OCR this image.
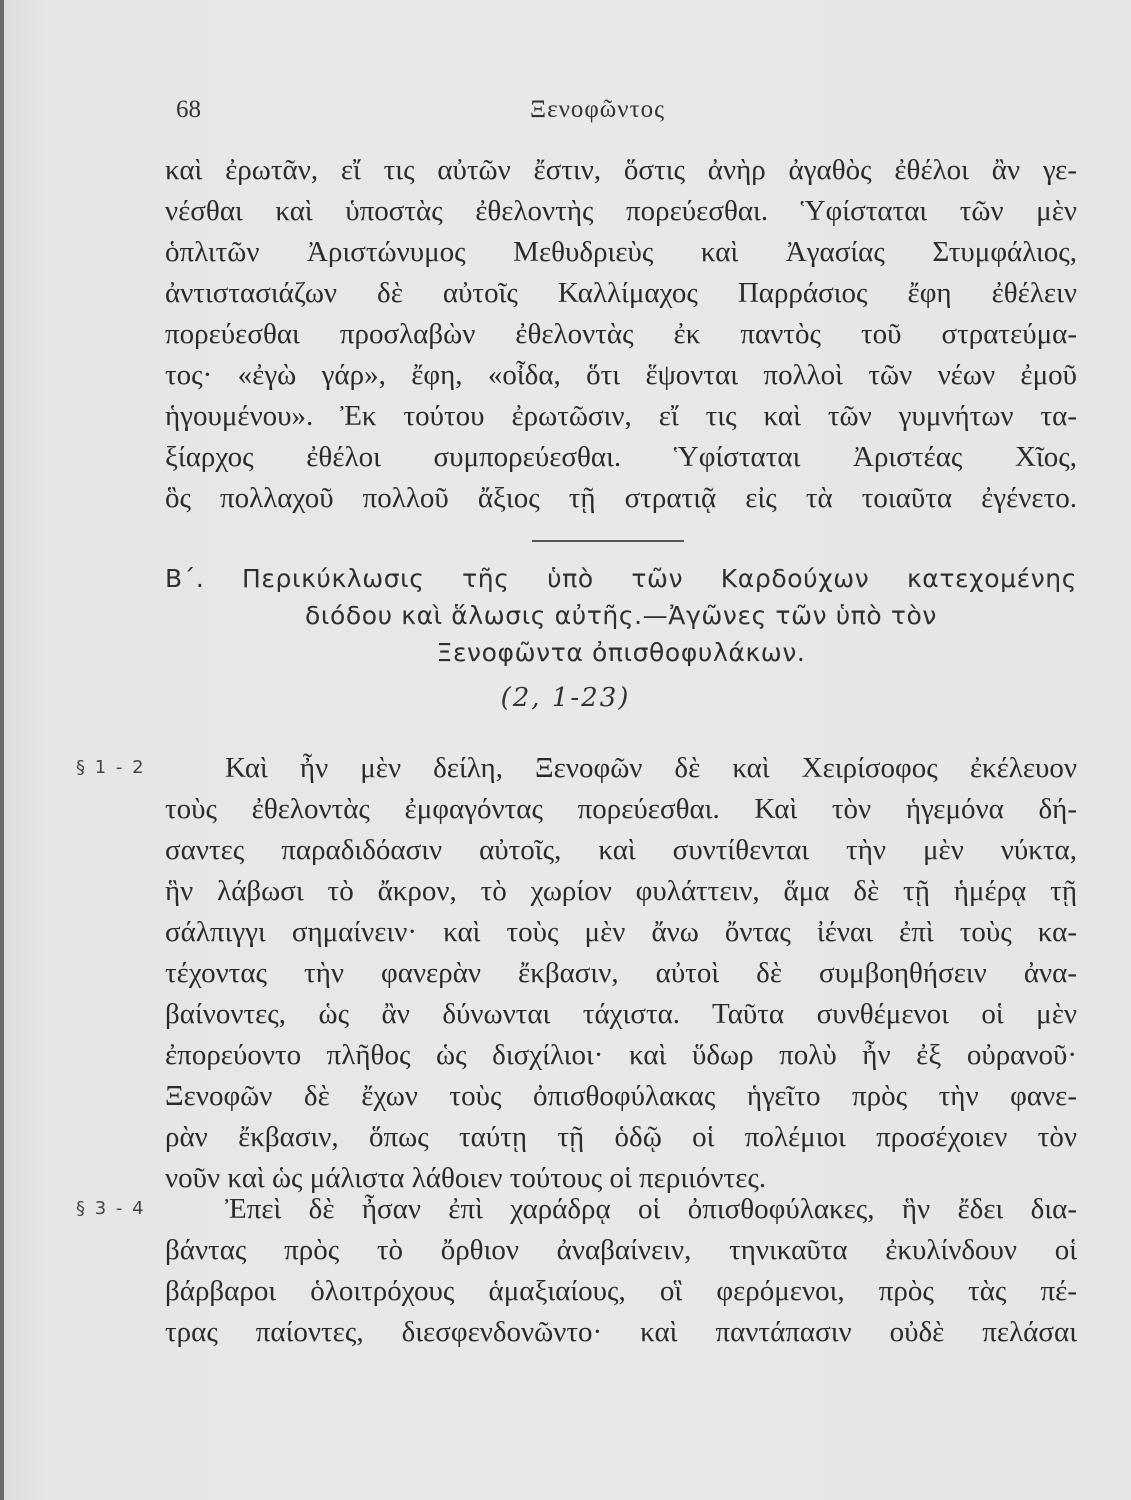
68	Ξενοφῶντος
καὶ ἐρωτᾶν, εἴ τις αὐτῶν ἔστιν, ὅστις ἀνὴρ ἀγαθὸς ἐθέλοι ἂν γε-
νέσθαι καὶ ὑποστὰς ἐθελοντὴς πορεύεσθαι. Ὑφίσταται τῶν μὲν
ὁπλιτῶν Ἀριστώνυμος Μεθυδριεὺς καὶ Ἀγασίας Στυμφάλιος,
ἀντιστασιάζων δὲ αὐτοῖς Καλλίμαχος Παρράσιος ἔφη ἐθέλειν
πορεύεσθαι προσλαβὼν ἐθελοντὰς ἐκ παντὸς τοῦ στρατεύμα-
τος· «ἐγὼ γάρ», ἔφη, «οἶδα, ὅτι ἕψονται πολλοὶ τῶν νέων ἐμοῦ
ἡγουμένου». Ἐκ τούτου ἐρωτῶσιν, εἴ τις καὶ τῶν γυμνήτων τα-
ξίαρχος ἐθέλοι συμπορεύεσθαι. Ὑφίσταται Ἀριστέας Χῖος,
ὃς πολλαχοῦ πολλοῦ ἄξιος τῇ στρατιᾷ εἰς τὰ τοιαῦτα ἐγένετο.
Β΄. Περικύκλωσις τῆς ὑπὸ τῶν Καρδούχων κατεχομένης
διόδου καὶ ἅλωσις αὐτῆς.—Ἀγῶνες τῶν ὑπὸ τὸν
Ξενοφῶντα ὀπισθοφυλάκων.
(2, 1-23)
§ 1 - 2	Καὶ ἦν μὲν δείλη, Ξενοφῶν δὲ καὶ Χειρίσοφος ἐκέλευον
τοὺς ἐθελοντὰς ἐμφαγόντας πορεύεσθαι. Καὶ τὸν ἡγεμόνα δή-
σαντες παραδιδόασιν αὐτοῖς, καὶ συντίθενται τὴν μὲν νύκτα,
ἣν λάβωσι τὸ ἄκρον, τὸ χωρίον φυλάττειν, ἅμα δὲ τῇ ἡμέρᾳ τῇ
σάλπιγγι σημαίνειν· καὶ τοὺς μὲν ἄνω ὄντας ἰέναι ἐπὶ τοὺς κα-
τέχοντας τὴν φανερὰν ἔκβασιν, αὐτοὶ δὲ συμβοηθήσειν ἀνα-
βαίνοντες, ὡς ἂν δύνωνται τάχιστα. Ταῦτα συνθέμενοι οἱ μὲν
ἐπορεύοντο πλῆθος ὡς δισχίλιοι· καὶ ὕδωρ πολὺ ἦν ἐξ οὐρανοῦ·
Ξενοφῶν δὲ ἔχων τοὺς ὀπισθοφύλακας ἡγεῖτο πρὸς τὴν φανε-
ρὰν ἔκβασιν, ὅπως ταύτῃ τῇ ὁδῷ οἱ πολέμιοι προσέχοιεν τὸν
νοῦν καὶ ὡς μάλιστα λάθοιεν τούτους οἱ περιιόντες.
§ 3 - 4	Ἐπεὶ δὲ ἦσαν ἐπὶ χαράδρᾳ οἱ ὀπισθοφύλακες, ἣν ἔδει δια-
βάντας πρὸς τὸ ὄρθιον ἀναβαίνειν, τηνικαῦτα ἐκυλίνδουν οἱ
βάρβαροι ὁλοιτρόχους ἁμαξιαίους, οἳ φερόμενοι, πρὸς τὰς πέ-
τρας παίοντες, διεσφενδονῶντο· καὶ παντάπασιν οὐδὲ πελάσαι
